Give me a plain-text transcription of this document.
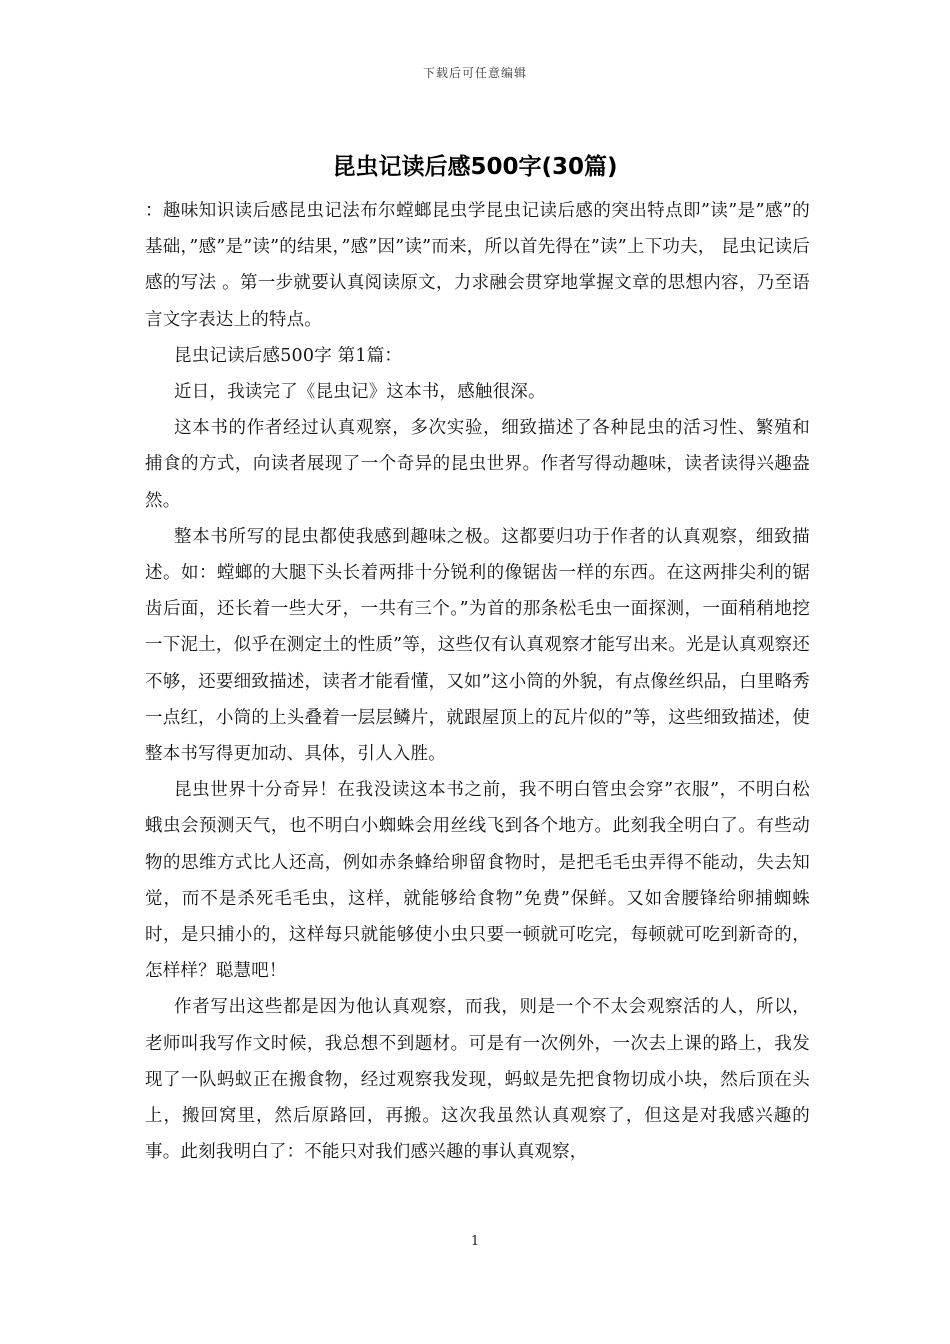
下载后可任意编辑
昆虫记读后感500字(30篇)

：趣味知识读后感昆虫记法布尔螳螂昆虫学昆虫记读后感的突出特点即”读”是”感”的基础，”感”是”读”的结果，”感”因”读”而来，所以首先得在”读”上下功夫， 昆虫记读后感的写法 。第一步就要认真阅读原文，力求融会贯穿地掌握文章的思想内容，乃至语言文字表达上的特点。

昆虫记读后感500字 第1篇：

近日，我读完了《昆虫记》这本书，感触很深。

这本书的作者经过认真观察，多次实验，细致描述了各种昆虫的活习性、繁殖和捕食的方式，向读者展现了一个奇异的昆虫世界。作者写得动趣味，读者读得兴趣盎然。

整本书所写的昆虫都使我感到趣味之极。这都要归功于作者的认真观察，细致描述。如：螳螂的大腿下头长着两排十分锐利的像锯齿一样的东西。在这两排尖利的锯齿后面，还长着一些大牙，一共有三个。”为首的那条松毛虫一面探测，一面稍稍地挖一下泥土，似乎在测定土的性质”等，这些仅有认真观察才能写出来。光是认真观察还不够，还要细致描述，读者才能看懂，又如”这小筒的外貌，有点像丝织品，白里略秀一点红，小筒的上头叠着一层层鳞片，就跟屋顶上的瓦片似的”等，这些细致描述，使整本书写得更加动、具体，引人入胜。

昆虫世界十分奇异！在我没读这本书之前，我不明白管虫会穿”衣服”，不明白松蛾虫会预测天气，也不明白小蜘蛛会用丝线飞到各个地方。此刻我全明白了。有些动物的思维方式比人还高，例如赤条蜂给卵留食物时，是把毛毛虫弄得不能动，失去知觉，而不是杀死毛毛虫，这样，就能够给食物”免费”保鲜。又如舍腰锋给卵捕蜘蛛时，是只捕小的，这样每只就能够使小虫只要一顿就可吃完，每顿就可吃到新奇的，怎样样？聪慧吧！

作者写出这些都是因为他认真观察，而我，则是一个不太会观察活的人，所以，老师叫我写作文时候，我总想不到题材。可是有一次例外，一次去上课的路上，我发现了一队蚂蚁正在搬食物，经过观察我发现，蚂蚁是先把食物切成小块，然后顶在头上，搬回窝里，然后原路回，再搬。这次我虽然认真观察了，但这是对我感兴趣的事。此刻我明白了：不能只对我们感兴趣的事认真观察，

1
